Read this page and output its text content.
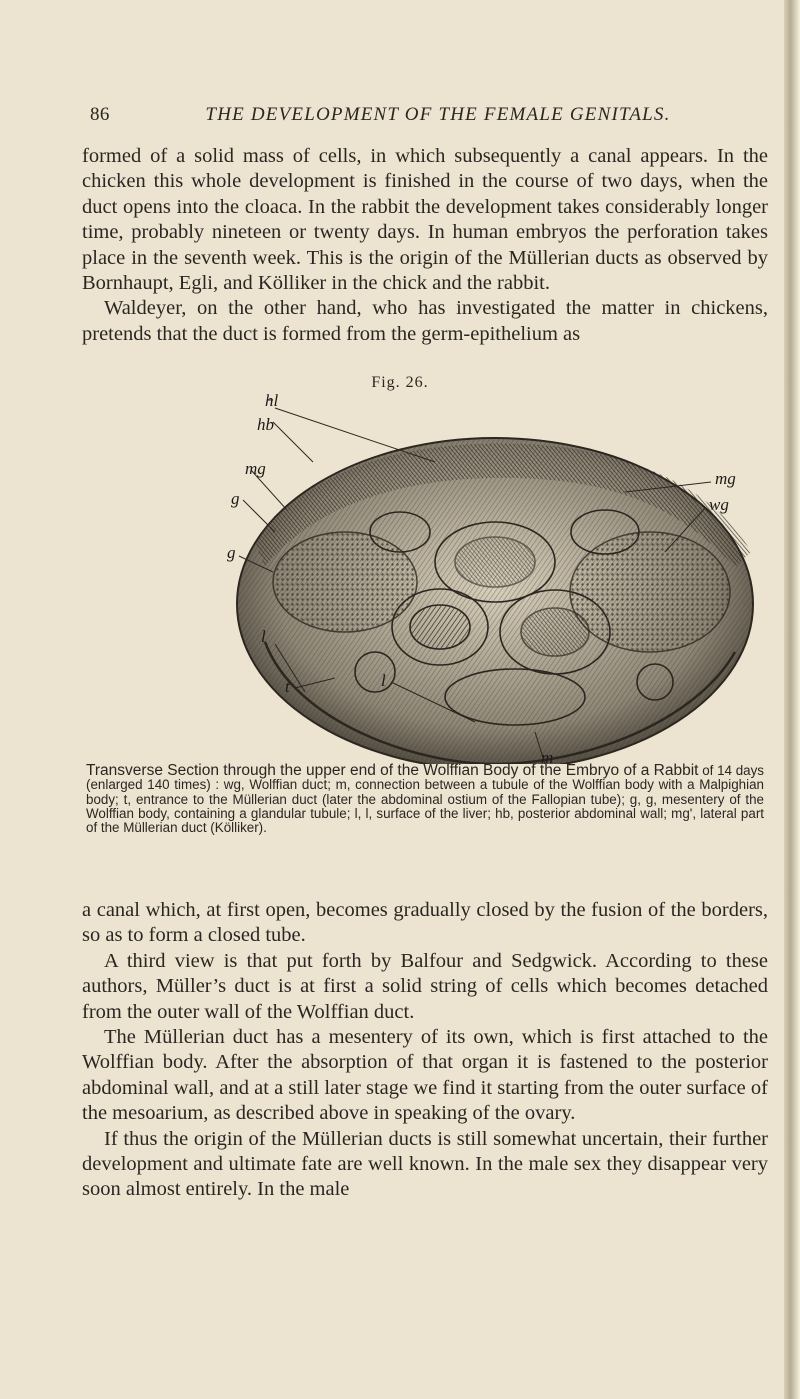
86	THE DEVELOPMENT OF THE FEMALE GENITALS.

formed of a solid mass of cells, in which subsequently a canal appears. In the chicken this whole development is finished in the course of two days, when the duct opens into the cloaca. In the rabbit the development takes considerably longer time, probably nineteen or twenty days. In human embryos the perforation takes place in the seventh week. This is the origin of the Müllerian ducts as observed by Bornhaupt, Egli, and Kölliker in the chick and the rabbit.

Waldeyer, on the other hand, who has investigated the matter in chickens, pretends that the duct is formed from the germ-epithelium as

Fig. 26.
hl
hb
mg
g
g
l
t	l
m
mg
wg
Transverse Section through the upper end of the Wolffian Body of the Embryo of a Rabbit of 14 days (enlarged 140 times) : wg, Wolffian duct; m, connection between a tubule of the Wolffian body with a Malpighian body; t, entrance to the Müllerian duct (later the abdominal ostium of the Fallopian tube); g, g, mesentery of the Wolffian body, containing a glandular tubule; l, l, surface of the liver; hb, posterior abdominal wall; mg', lateral part of the Müllerian duct (Kölliker).

a canal which, at first open, becomes gradually closed by the fusion of the borders, so as to form a closed tube.

A third view is that put forth by Balfour and Sedgwick. According to these authors, Müller’s duct is at first a solid string of cells which becomes detached from the outer wall of the Wolffian duct.

The Müllerian duct has a mesentery of its own, which is first attached to the Wolffian body. After the absorption of that organ it is fastened to the posterior abdominal wall, and at a still later stage we find it starting from the outer surface of the mesoarium, as described above in speaking of the ovary.

If thus the origin of the Müllerian ducts is still somewhat uncertain, their further development and ultimate fate are well known. In the male sex they disappear very soon almost entirely. In the male
